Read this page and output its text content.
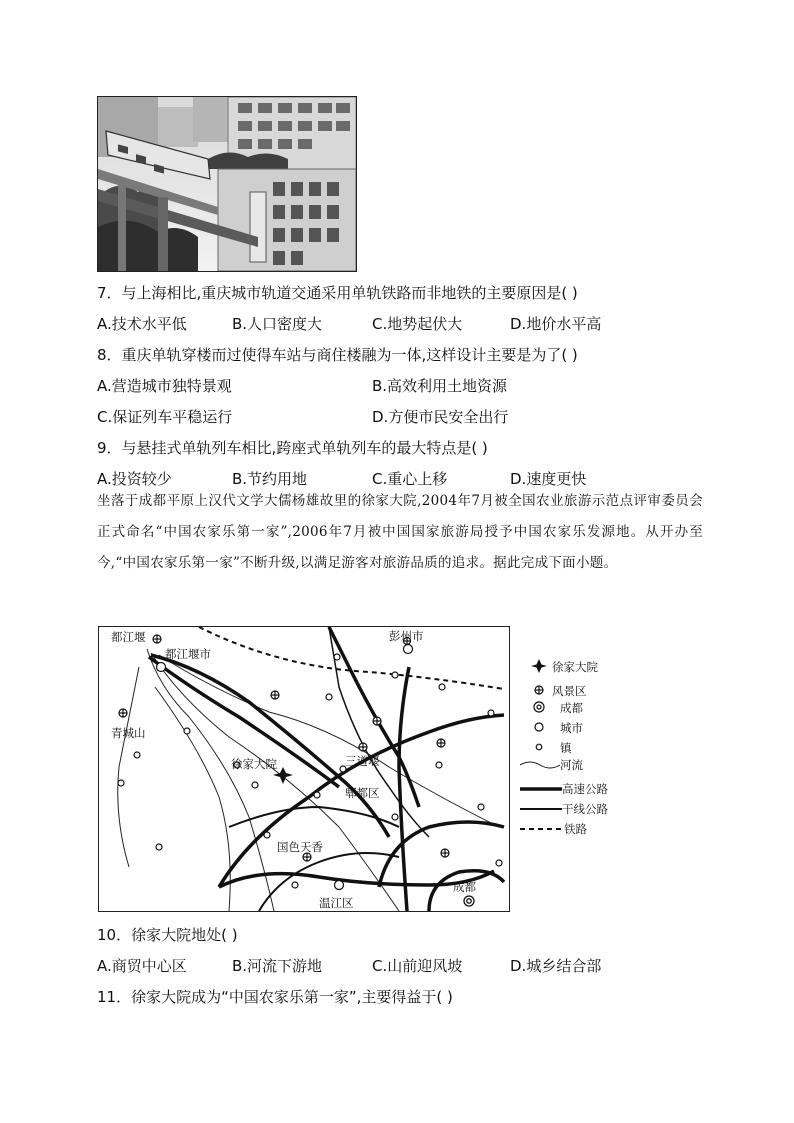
7．与上海相比,重庆城市轨道交通采用单轨铁路而非地铁的主要原因是( )
A.技术水平低	B.人口密度大	C.地势起伏大	D.地价水平高
8．重庆单轨穿楼而过使得车站与商住楼融为一体,这样设计主要是为了( )
A.营造城市独特景观	B.高效利用土地资源
C.保证列车平稳运行	D.方便市民安全出行
9．与悬挂式单轨列车相比,跨座式单轨列车的最大特点是( )
A.投资较少	B.节约用地	C.重心上移	D.速度更快
坐落于成都平原上汉代文学大儒杨雄故里的徐家大院,2004年7月被全国农业旅游示范点评审委员会正式命名“中国农家乐第一家”,2006年7月被中国国家旅游局授予中国农家乐发源地。从开办至今,“中国农家乐第一家”不断升级,以满足游客对旅游品质的追求。据此完成下面小题。
都江堰
都江堰市
彭州市
青城山
徐家大院	三道堰
郫都区
国色天香
温江区
成都
徐家大院
风景区
成都
城市
镇
河流
高速公路
干线公路
铁路
10．徐家大院地处( )
A.商贸中心区	B.河流下游地	C.山前迎风坡	D.城乡结合部
11．徐家大院成为“中国农家乐第一家”,主要得益于( )
